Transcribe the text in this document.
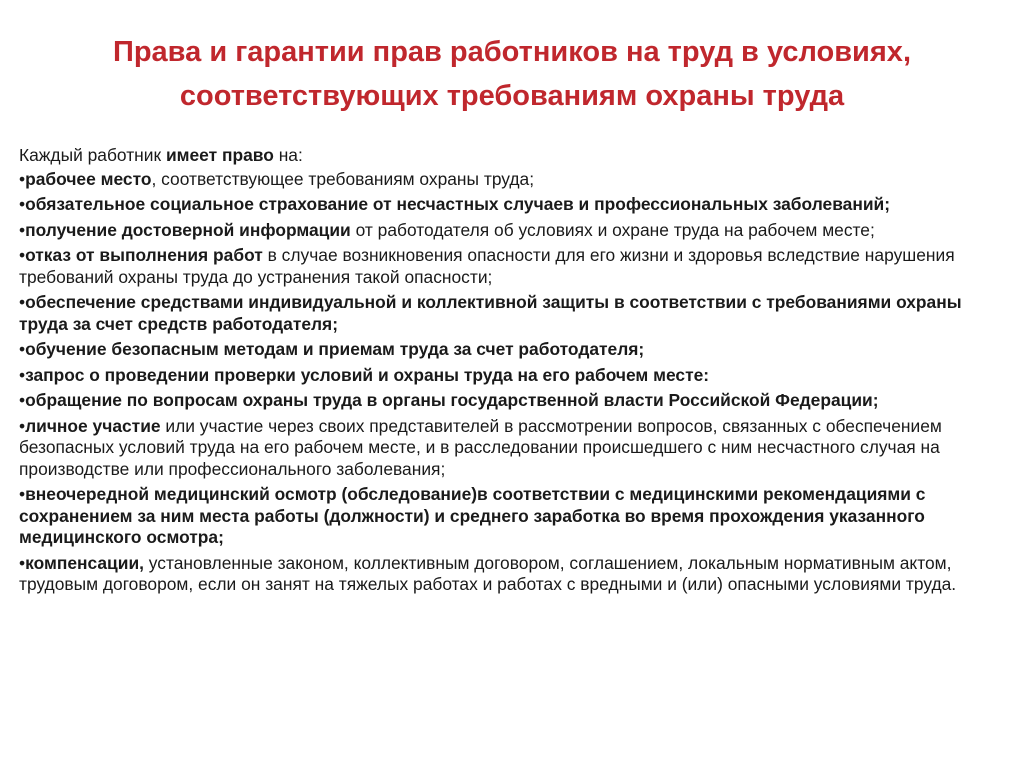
Права и гарантии прав работников на труд в условиях,
соответствующих требованиям охраны труда

Каждый работник имеет право на:

•рабочее место, соответствующее требованиям охраны труда;
•обязательное социальное страхование от несчастных случаев и профессиональных заболеваний;
•получение достоверной информации от работодателя об условиях и охране труда на рабочем месте;
•отказ от выполнения работ в случае возникновения опасности для его жизни и здоровья вследствие нарушения требований охраны труда до устранения такой опасности;
•обеспечение средствами индивидуальной и коллективной защиты в соответствии с требованиями охраны труда за счет средств работодателя;
•обучение безопасным методам и приемам труда за счет работодателя;
•запрос о проведении проверки условий и охраны труда на его рабочем месте:
•обращение по вопросам охраны труда в органы государственной власти Российской Федерации;
•личное участие или участие через своих представителей в рассмотрении вопросов, связанных с обеспечением безопасных условий труда на его рабочем месте, и в расследовании происшедшего с ним несчастного случая на производстве или профессионального заболевания;
•внеочередной медицинский осмотр (обследование)в соответствии с медицинскими рекомендациями с сохранением за ним места работы (должности) и среднего заработка во время прохождения указанного медицинского осмотра;
•компенсации, установленные законом, коллективным договором, соглашением, локальным нормативным актом, трудовым договором, если он занят на тяжелых работах и работах с вредными и (или) опасными условиями труда.
